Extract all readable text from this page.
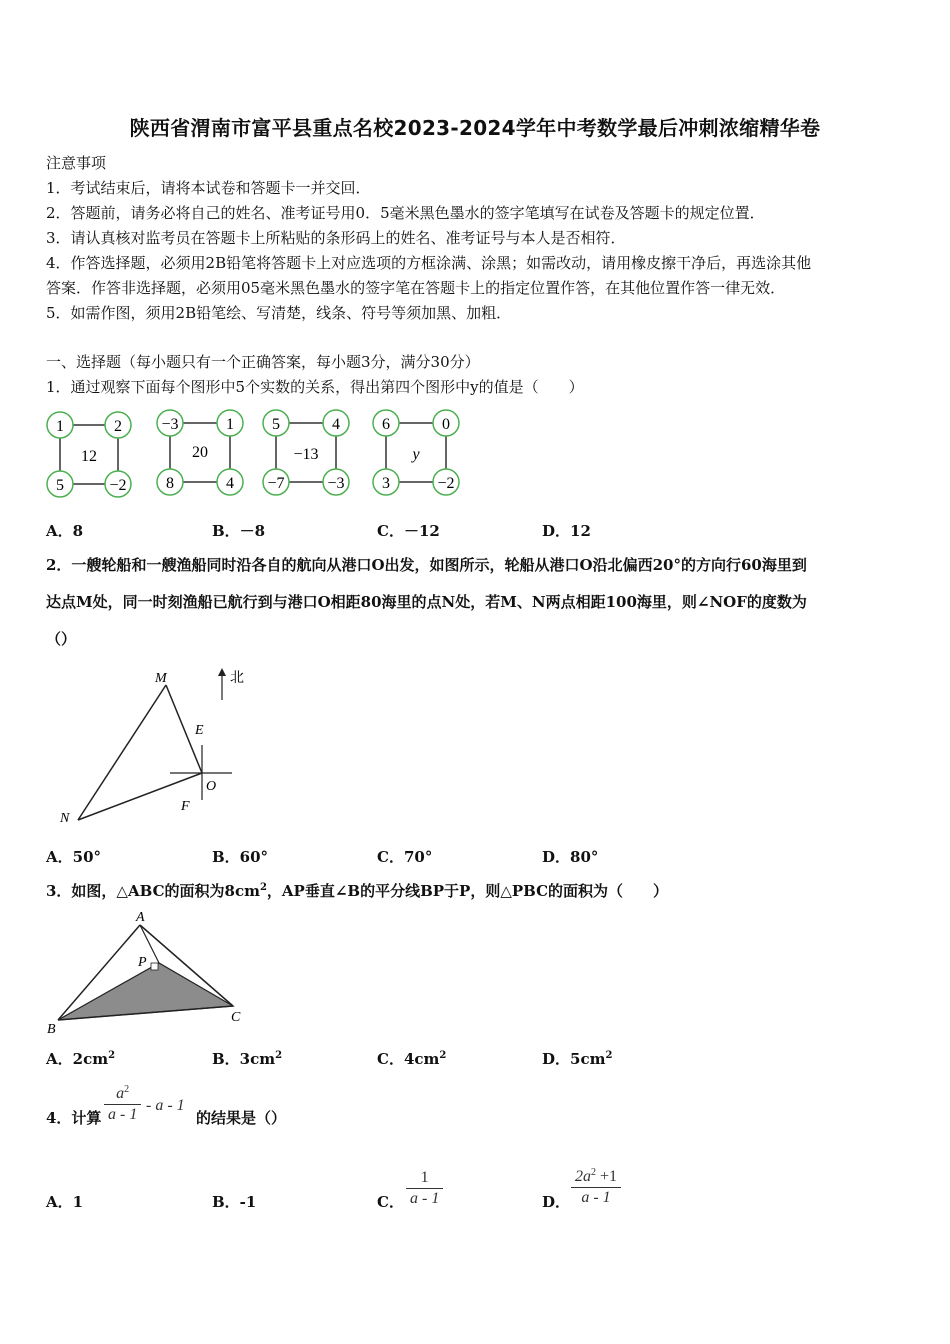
陕西省渭南市富平县重点名校2023-2024学年中考数学最后冲刺浓缩精华卷
注意事项
1．考试结束后，请将本试卷和答题卡一并交回．
2．答题前，请务必将自己的姓名、准考证号用0．5毫米黑色墨水的签字笔填写在试卷及答题卡的规定位置．
3．请认真核对监考员在答题卡上所粘贴的条形码上的姓名、准考证号与本人是否相符．
4．作答选择题，必须用2B铅笔将答题卡上对应选项的方框涂满、涂黑；如需改动，请用橡皮擦干净后，再选涂其他
答案．作答非选择题，必须用05毫米黑色墨水的签字笔在答题卡上的指定位置作答，在其他位置作答一律无效．
5．如需作图，须用2B铅笔绘、写清楚，线条、符号等须加黑、加粗．
一、选择题（每小题只有一个正确答案，每小题3分，满分30分）
1．通过观察下面每个图形中5个实数的关系，得出第四个图形中y的值是（　　）
1	2
12
5	−2
−3	1
20
8	4
5	4
−13
−7	−3
6	0
y
3	−2
A．8	B．－8	C．－12	D．12
2．一艘轮船和一艘渔船同时沿各自的航向从港口O出发，如图所示，轮船从港口O沿北偏西20°的方向行60海里到
达点M处，同一时刻渔船已航行到与港口O相距80海里的点N处，若M、N两点相距100海里，则∠NOF的度数为
（）
北
M
E
O
F
N
A．50°	B．60°	C．70°	D．80°
3．如图，△ABC的面积为$8cm^2$，AP垂直∠B的平分线BP于P，则△PBC的面积为（　　）
A
P
B
C
A．$2cm^2$	B．$3cm^2$	C．$4cm^2$	D．$5cm^2$
4．计算 $\frac{a^2}{a - 1}$ - a - 1
的结果是（）
A．1	B．-1	C． $\frac{1}{a - 1}$	D． $\frac{2a^2 +1}{a - 1}$
